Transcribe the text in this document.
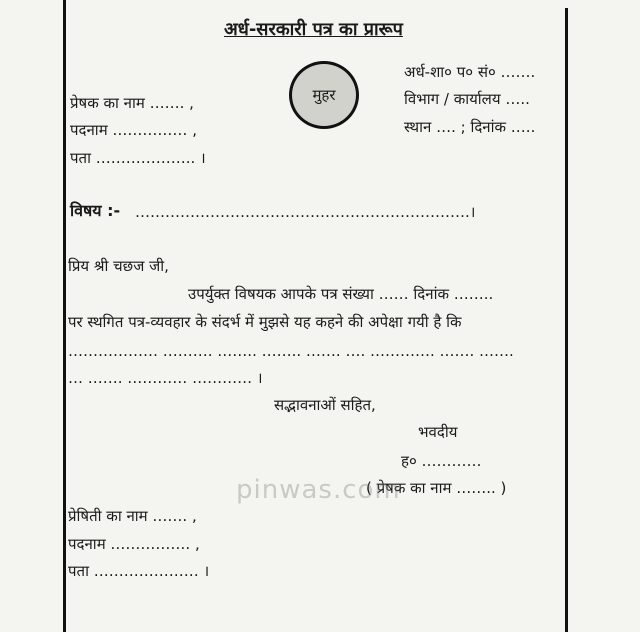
अर्ध-सरकारी पत्र का प्रारूप
मुहर
अर्ध-शा० प० सं० …….
विभाग / कार्यालय …..
स्थान …. ; दिनांक …..
प्रेषक का नाम ……. ,
पदनाम …………… ,
पता ……………….. ।
विषय :- ………………………………………………………….।
प्रिय श्री चछज जी,
उपर्युक्त विषयक आपके पत्र संख्या …… दिनांक ……..
पर स्थगित पत्र-व्यवहार के संदर्भ में मुझसे यह कहने की अपेक्षा गयी है कि
……………… ………. …….. …….. ……. …. …………. ……. …….
… ……. ………… ………… ।
सद्भावनाओं सहित,
भवदीय
ह० …………
( प्रेषक का नाम …….. )
pinwas.com
प्रेषिती का नाम ……. ,
पदनाम ……………. ,
पता ………………… ।
